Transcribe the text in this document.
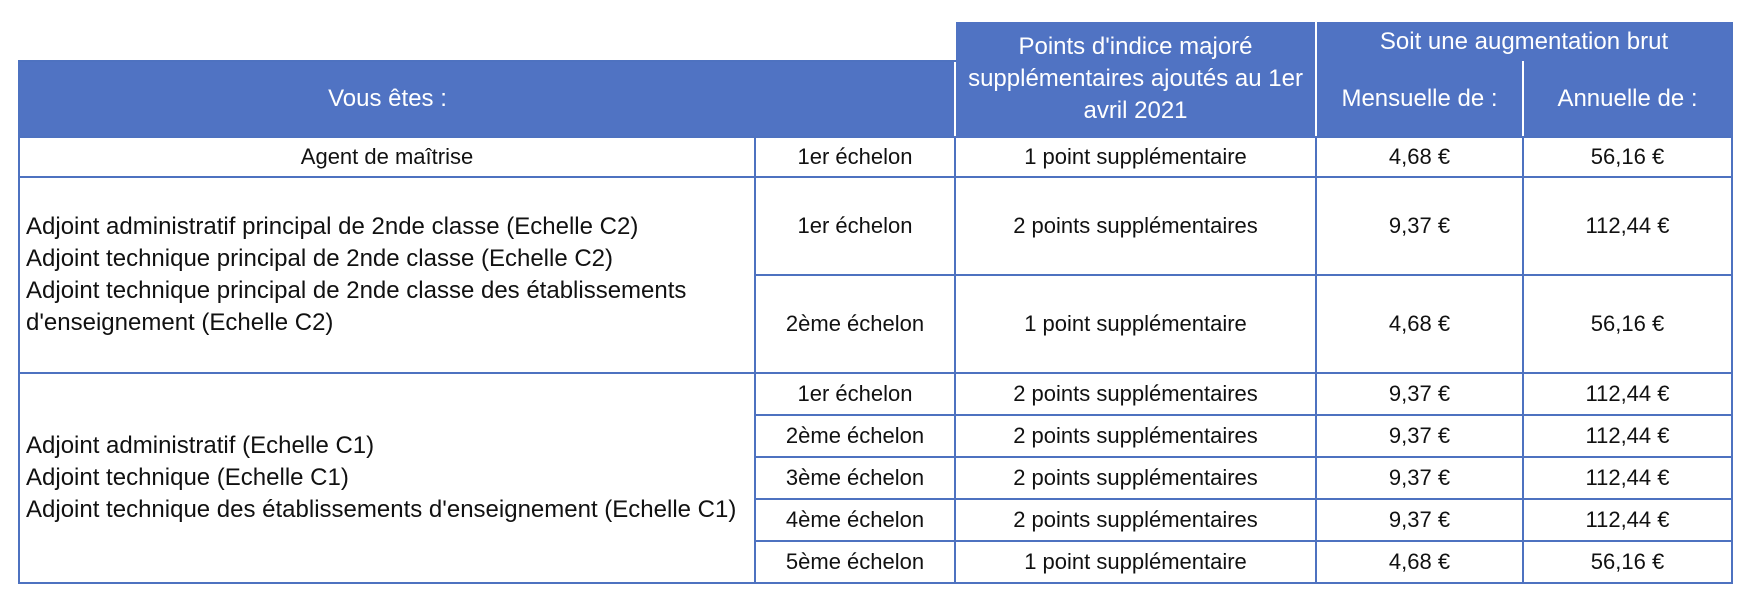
		Points d'indice majoré supplémentaires ajoutés au 1er avril 2021	Soit une augmentation brut	
Vous êtes :			Mensuelle de :	Annuelle de :
Agent de maîtrise	1er échelon	1 point supplémentaire	4,68 €	56,16 €

Adjoint administratif principal de 2nde classe (Echelle C2)
Adjoint technique principal de 2nde classe (Echelle C2)
Adjoint technique principal de 2nde classe des établissements d'enseignement (Echelle C2)	1er échelon	2 points supplémentaires	9,37 €	112,44 €
	2ème échelon	1 point supplémentaire	4,68 €	56,16 €

Adjoint administratif (Echelle C1)
Adjoint technique (Echelle C1)
Adjoint technique des établissements d'enseignement (Echelle C1)	1er échelon	2 points supplémentaires	9,37 €	112,44 €
	2ème échelon	2 points supplémentaires	9,37 €	112,44 €
	3ème échelon	2 points supplémentaires	9,37 €	112,44 €
	4ème échelon	2 points supplémentaires	9,37 €	112,44 €
	5ème échelon	1 point supplémentaire	4,68 €	56,16 €
